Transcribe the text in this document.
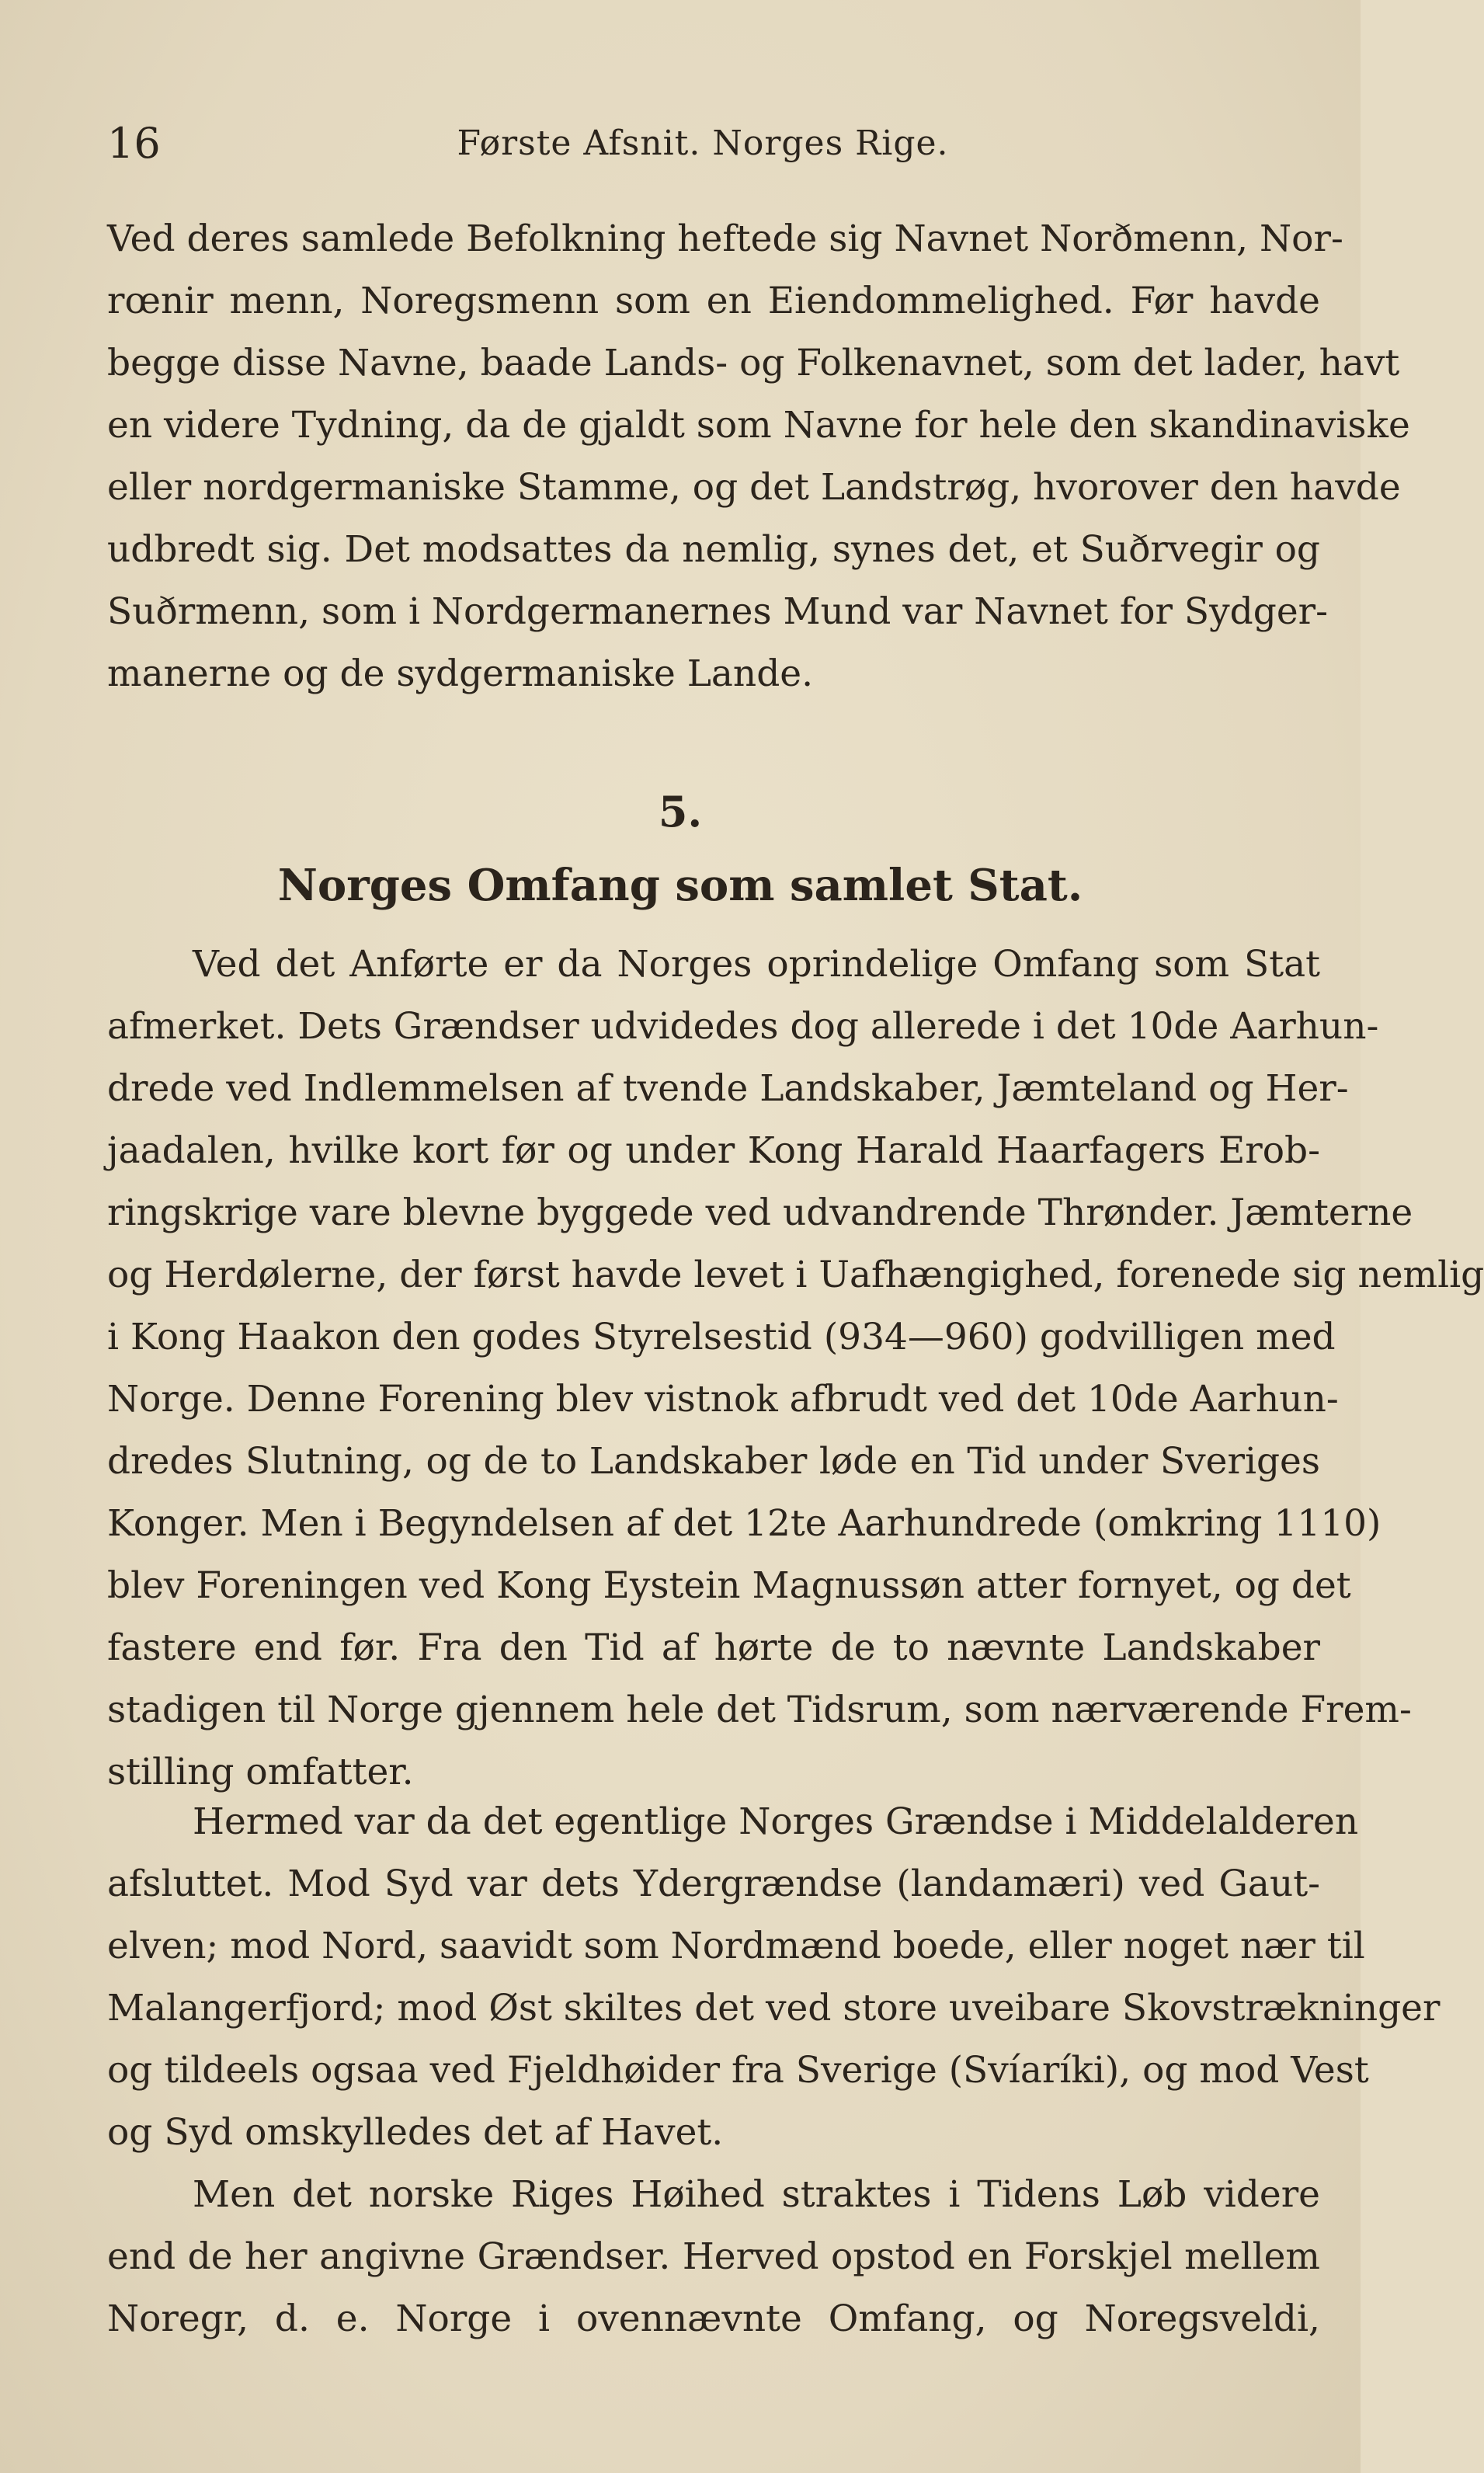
16	Første Afsnit. Norges Rige.
Ved deres samlede Befolkning heftede sig Navnet Norðmenn, Nor-
rœnir menn, Noregsmenn som en Eiendommelighed. Før havde
begge disse Navne, baade Lands- og Folkenavnet, som det lader, havt
en videre Tydning, da de gjaldt som Navne for hele den skandinaviske
eller nordgermaniske Stamme, og det Landstrøg, hvorover den havde
udbredt sig. Det modsattes da nemlig, synes det, et Suðrvegir og
Suðrmenn, som i Nordgermanernes Mund var Navnet for Sydger-
manerne og de sydgermaniske Lande.
5.
Norges Omfang som samlet Stat.
Ved det Anførte er da Norges oprindelige Omfang som Stat
afmerket. Dets Grændser udvidedes dog allerede i det 10de Aarhun-
drede ved Indlemmelsen af tvende Landskaber, Jæmteland og Her-
jaadalen, hvilke kort før og under Kong Harald Haarfagers Erob-
ringskrige vare blevne byggede ved udvandrende Thrønder. Jæmterne
og Herdølerne, der først havde levet i Uafhængighed, forenede sig nemlig
i Kong Haakon den godes Styrelsestid (934—960) godvilligen med
Norge. Denne Forening blev vistnok afbrudt ved det 10de Aarhun-
dredes Slutning, og de to Landskaber løde en Tid under Sveriges
Konger. Men i Begyndelsen af det 12te Aarhundrede (omkring 1110)
blev Foreningen ved Kong Eystein Magnussøn atter fornyet, og det
fastere end før. Fra den Tid af hørte de to nævnte Landskaber
stadigen til Norge gjennem hele det Tidsrum, som nærværende Frem-
stilling omfatter.
Hermed var da det egentlige Norges Grændse i Middelalderen
afsluttet. Mod Syd var dets Ydergrændse (landamæri) ved Gaut-
elven; mod Nord, saavidt som Nordmænd boede, eller noget nær til
Malangerfjord; mod Øst skiltes det ved store uveibare Skovstrækninger
og tildeels ogsaa ved Fjeldhøider fra Sverige (Svíaríki), og mod Vest
og Syd omskylledes det af Havet.
Men det norske Riges Høihed straktes i Tidens Løb videre
end de her angivne Grændser. Herved opstod en Forskjel mellem
Noregr, d. e. Norge i ovennævnte Omfang, og Noregsveldi,
